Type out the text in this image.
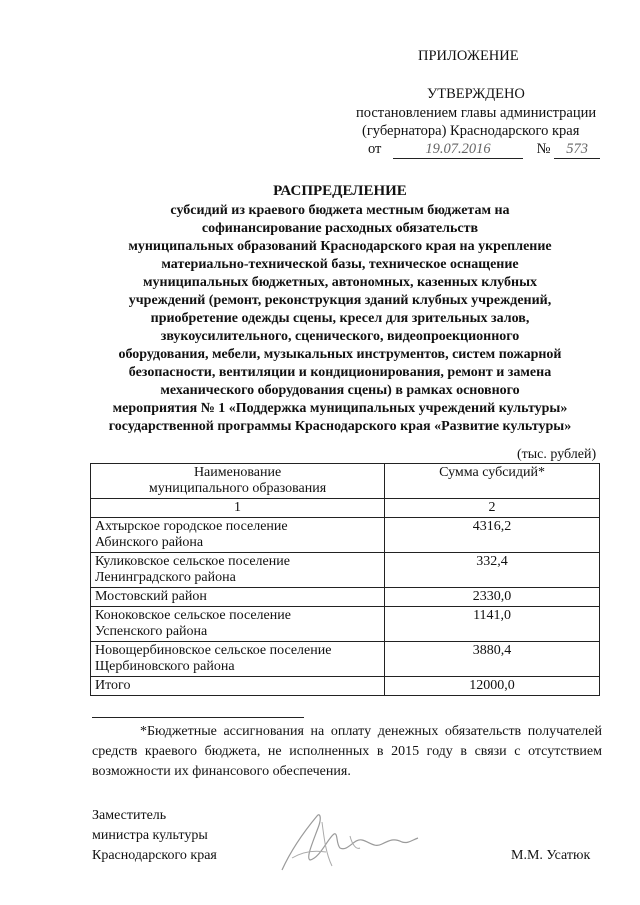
ПРИЛОЖЕНИЕ
УТВЕРЖДЕНО
постановлением главы администрации
(губернатора) Краснодарского края
от	19.07.2016	№ 573
РАСПРЕДЕЛЕНИЕ
субсидий из краевого бюджета местным бюджетам на
софинансирование расходных обязательств
муниципальных образований Краснодарского края на укрепление
материально-технической базы, техническое оснащение
муниципальных бюджетных, автономных, казенных клубных
учреждений (ремонт, реконструкция зданий клубных учреждений,
приобретение одежды сцены, кресел для зрительных залов,
звукоусилительного, сценического, видеопроекционного
оборудования, мебели, музыкальных инструментов, систем пожарной
безопасности, вентиляции и кондиционирования, ремонт и замена
механического оборудования сцены) в рамках основного
мероприятия № 1 «Поддержка муниципальных учреждений культуры»
государственной программы Краснодарского края «Развитие культуры»
(тыс. рублей)
Наименование
муниципального образования	Сумма субсидий*
1	2

Ахтырское городское поселение
Абинского района	4316,2

Куликовское сельское поселение
Ленинградского района	332,4

Мостовский район	2330,0

Коноковское сельское поселение
Успенского района	1141,0

Новощербиновское сельское поселение
Щербиновского района	3880,4
Итого	12000,0
*Бюджетные ассигнования на оплату денежных обязательств получателей средств краевого бюджета, не исполненных в 2015 году в связи с отсутствием возможности их финансового обеспечения.
Заместитель
министра культуры
Краснодарского края	М.М. Усатюк
